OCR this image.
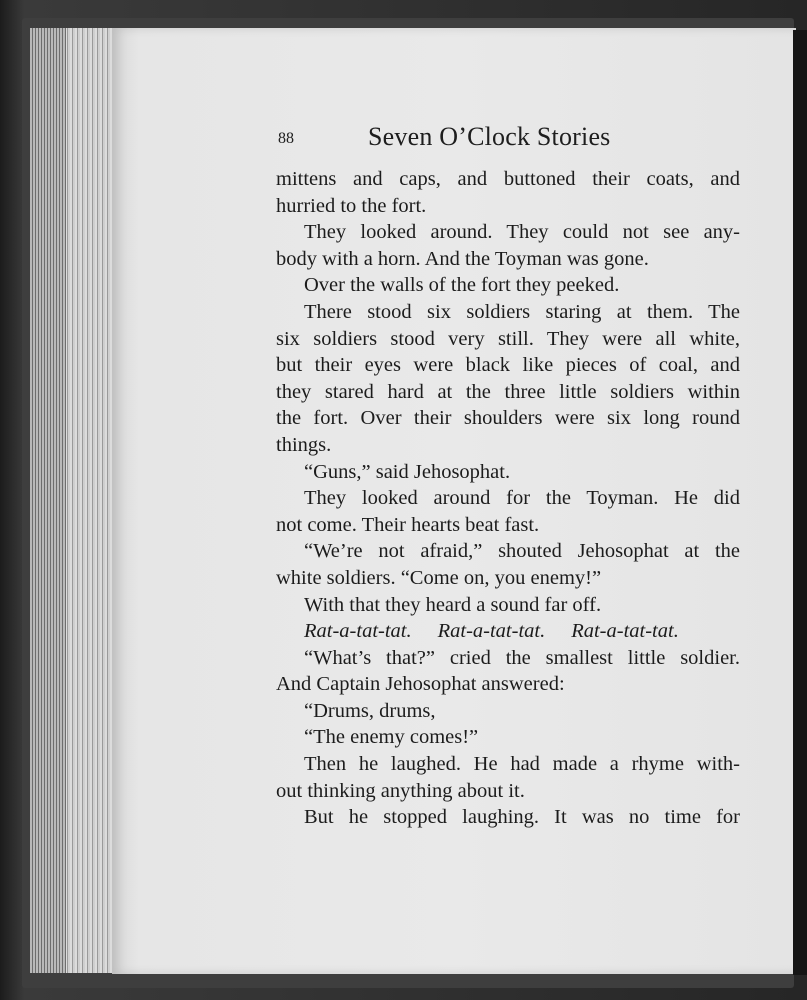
88	Seven O’Clock Stories
mittens and caps, and buttoned their coats, and
hurried to the fort.
They looked around. They could not see any-
body with a horn. And the Toyman was gone.
Over the walls of the fort they peeked.
There stood six soldiers staring at them. The
six soldiers stood very still. They were all white,
but their eyes were black like pieces of coal, and
they stared hard at the three little soldiers within
the fort. Over their shoulders were six long round
things.
“Guns,” said Jehosophat.
They looked around for the Toyman. He did
not come. Their hearts beat fast.
“We’re not afraid,” shouted Jehosophat at the
white soldiers. “Come on, you enemy!”
With that they heard a sound far off.
Rat-a-tat-tat. Rat-a-tat-tat. Rat-a-tat-tat.
“What’s that?” cried the smallest little soldier.
And Captain Jehosophat answered:
“Drums, drums,
“The enemy comes!”
Then he laughed. He had made a rhyme with-
out thinking anything about it.
But he stopped laughing. It was no time for
